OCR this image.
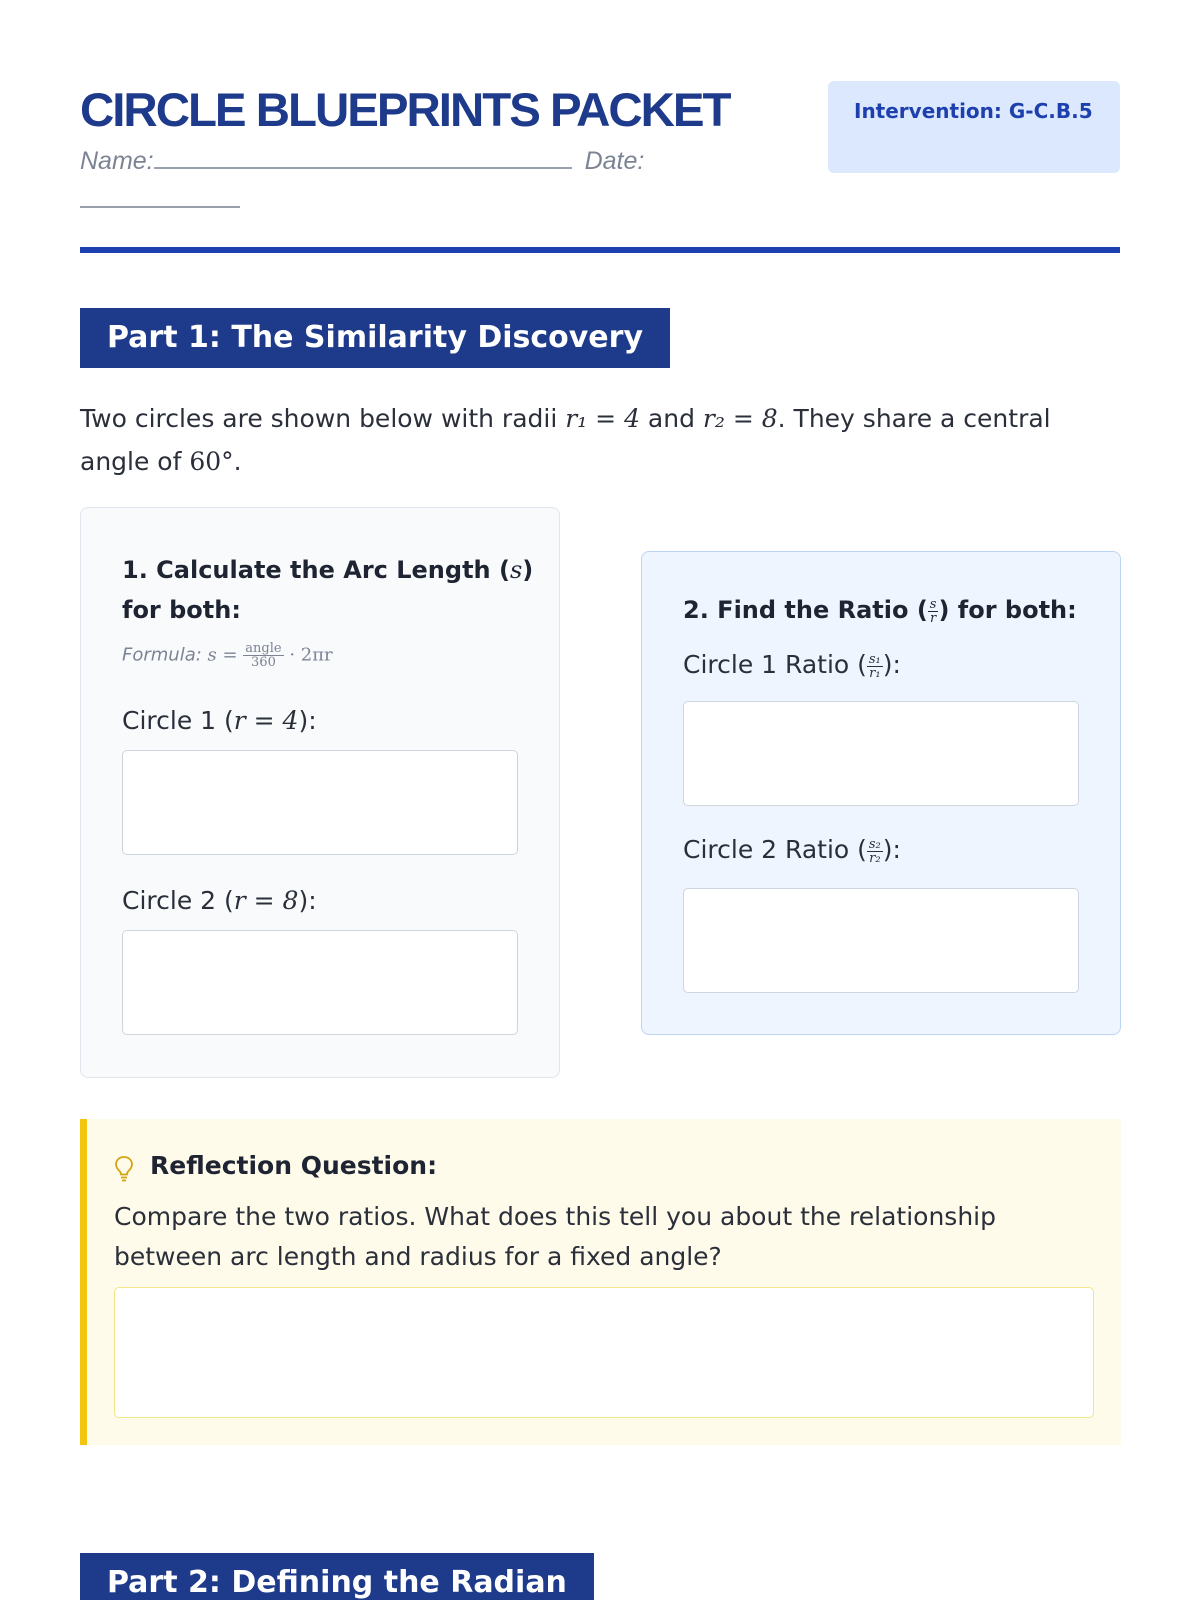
CIRCLE BLUEPRINTS PACKET
Name:	Date:

Intervention: G-C.B.5
Part 1: The Similarity Discovery
Two circles are shown below with radii r₁ = 4 and r₂ = 8. They share a central angle of 60°.
1. Calculate the Arc Length (s) for both:
Formula: $s = \frac{\text{angle}}{360} \cdot 2\pi r$
Circle 1 (r = 4):
Circle 2 (r = 8):
2. Find the Ratio ( $\frac{s}{r}$ ) for both:
Circle 1 Ratio ( $\frac{\text{s₁}}{\text{r₁}}$ ):
Circle 2 Ratio ( $\frac{\text{s₂}}{\text{r₂}}$ ):
Reflection Question:
Compare the two ratios. What does this tell you about the relationship between arc length and radius for a fixed angle?
Part 2: Defining the Radian
